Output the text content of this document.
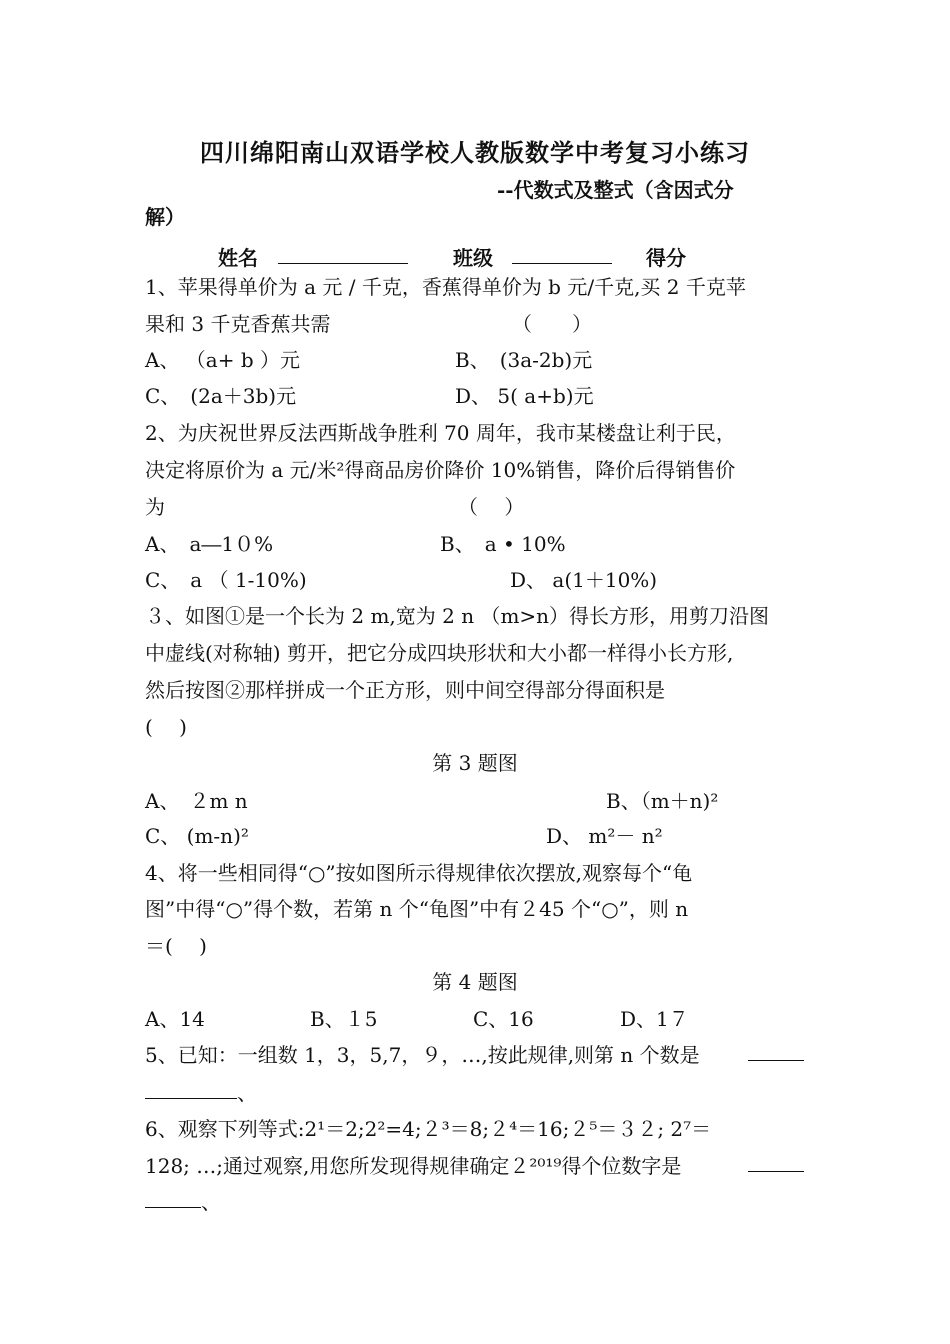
四川绵阳南山双语学校人教版数学中考复习小练习
--代数式及整式（含因式分
解）
姓名	班级	得分
1、苹果得单价为 a 元 / 千克，香蕉得单价为 b 元/千克,买 2 千克苹
果和 3 千克香蕉共需	（　　）
A、 （a+ b ）元	B、　(3a-2b)元
C、　(2a＋3b)元	D、 5( a+b)元
2、为庆祝世界反法西斯战争胜利 70 周年，我市某楼盘让利于民，
决定将原价为 a 元/米²得商品房价降价 10%销售，降价后得销售价
为	（　 ）
A、　a―1０%	B、　a • 10%
C、　a （ 1-10%)	D、 a(1＋10%)
３、如图①是一个长为 2 m,宽为 2 n （m>n）得长方形，用剪刀沿图
中虚线(对称轴) 剪开，把它分成四块形状和大小都一样得小长方形,
然后按图②那样拼成一个正方形，则中间空得部分得面积是
(　 )
第 3 题图
A、　２m n	B、（m＋n)²
C、 (m-n)²	D、 m²－ n²
4、将一些相同得“○”按如图所示得规律依次摆放,观察每个“龟
图”中得“○”得个数，若第 n 个“龟图”中有２45 个“○”，则 n
＝(　 )
第 4 题图
A、14	B、１5	C、16	D、1７
5、已知：一组数 1，3，5,7，９，…,按此规律,则第 n 个数是
、
6、观察下列等式:2¹＝2;2²=4;２³＝8;２⁴＝16;２⁵＝３２; 2⁷＝
128; …;通过观察,用您所发现得规律确定２²⁰¹⁹得个位数字是
、
